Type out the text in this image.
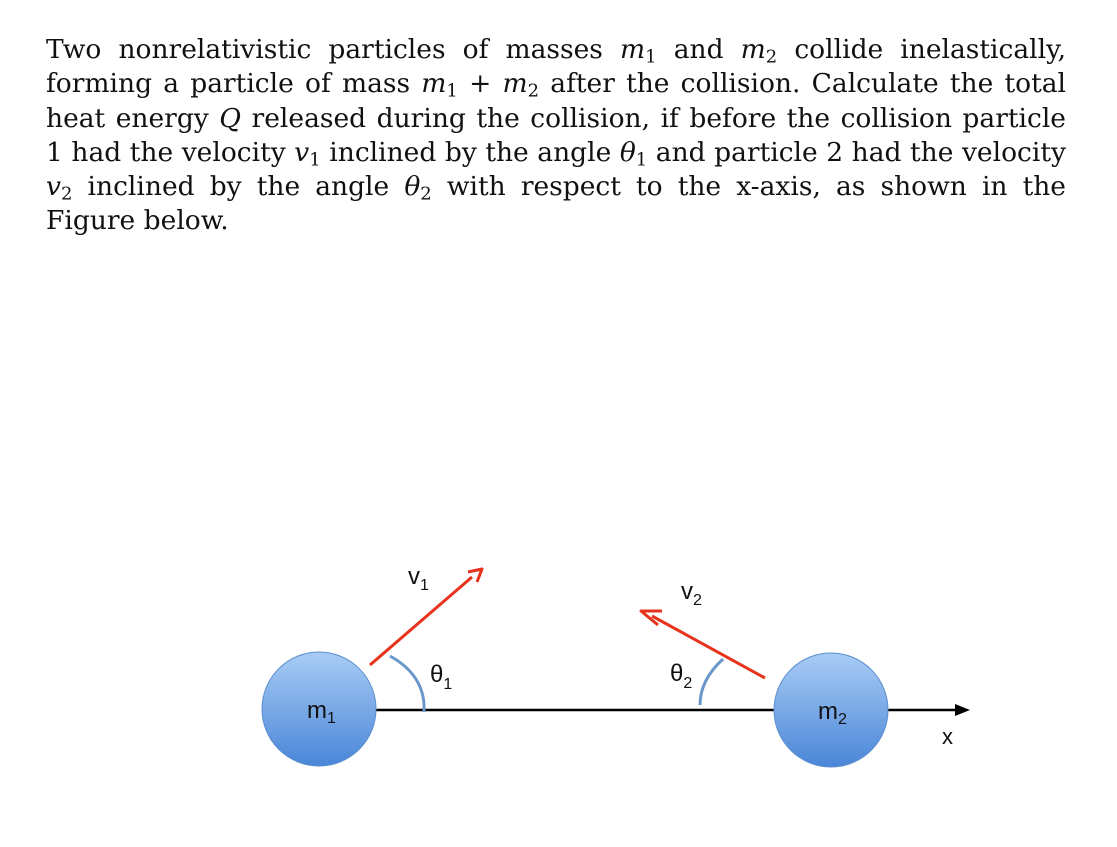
Two nonrelativistic particles of masses $m_1$ and $m_2$ collide inelastically, forming a particle of mass $m_1 + m_2$ after the collision. Calculate the total heat energy Q released during the collision, if before the collision particle 1 had the velocity $v_1$ inclined by the angle $\theta_1$ and particle 2 had the velocity $v_2$ inclined by the angle $\theta_2$ with respect to the x-axis, as shown in the Figure below.

x
$m_1$	$m_2$
$v_1$	$v_2$
$\theta_1$	$\theta_2$
